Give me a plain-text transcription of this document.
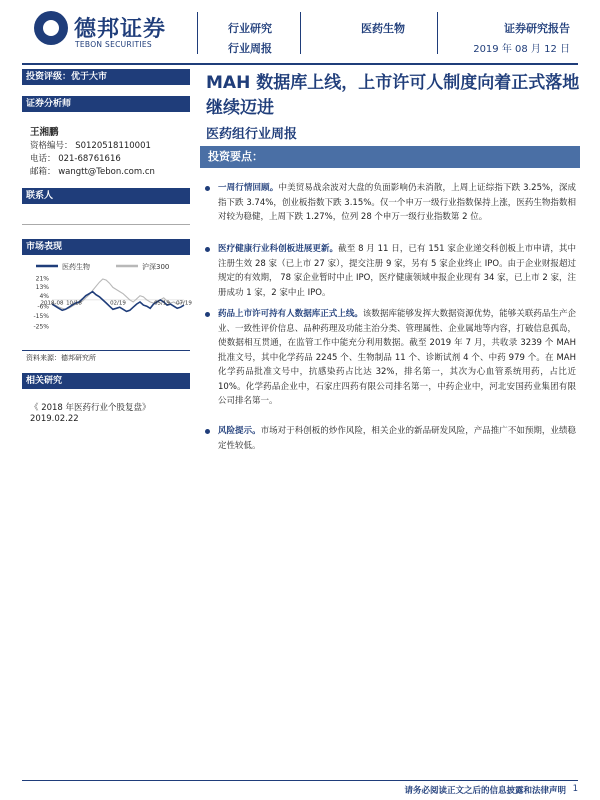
德邦证券
TEBON SECURITIES
行业研究
行业周报
医药生物	证券研究报告
2019 年 08 月 12 日
投资评级：优于大市
证券分析师
王湘鹏
资格编号： S0120518110001
电话： 021-68761616
邮箱： wangtt@Tebon.com.cn
联系人
市场表现
医药生物	沪深300
21%
13%
4%
-6%
-15%
-25%
2018-08 10/18	02/19	05/19 07/19
资料来源：德邦研究所
相关研究
《 2018 年医药行业个股复盘》
2019.02.22
MAH 数据库上线，上市许可人制度向着正式落地继续迈进
医药组行业周报
投资要点：
一周行情回顾。中美贸易战余波对大盘的负面影响仍未消散，上周上证综指下跌 3.25%，深成指下跌 3.74%，创业板指数下跌 3.15%。仅一个申万一级行业指数保持上涨，医药生物指数相对较为稳健，上周下跌 1.27%，位列 28 个申万一级行业指数第 2 位。
医疗健康行业科创板进展更新。截至 8 月 11 日，已有 151 家企业递交科创板上市申请，其中注册生效 28 家（已上市 27 家），提交注册 9 家，另有 5 家企业终止 IPO。由于企业财报超过规定的有效期， 78 家企业暂时中止 IPO，医疗健康领域申报企业现有 34 家，已上市 2 家，注册成功 1 家，2 家中止 IPO。
药品上市许可持有人数据库正式上线。该数据库能够发挥大数据资源优势，能够关联药品生产企业、一致性评价信息、品种药理及功能主治分类、管理属性、企业属地等内容，打破信息孤岛，使数据相互贯通，在监管工作中能充分利用数据。截至 2019 年 7 月，共收录 3239 个 MAH 批准文号，其中化学药品 2245 个、生物制品 11 个、诊断试剂 4 个、中药 979 个。在 MAH 化学药品批准文号中，抗感染药占比达 32%，排名第一，其次为心血管系统用药，占比近 10%。化学药品企业中，石家庄四药有限公司排名第一，中药企业中，河北安国药业集团有限公司排名第一。
风险提示。市场对于科创板的炒作风险，相关企业的新品研发风险，产品推广不如预期，业绩稳定性较低。
请务必阅读正文之后的信息披露和法律声明 1
